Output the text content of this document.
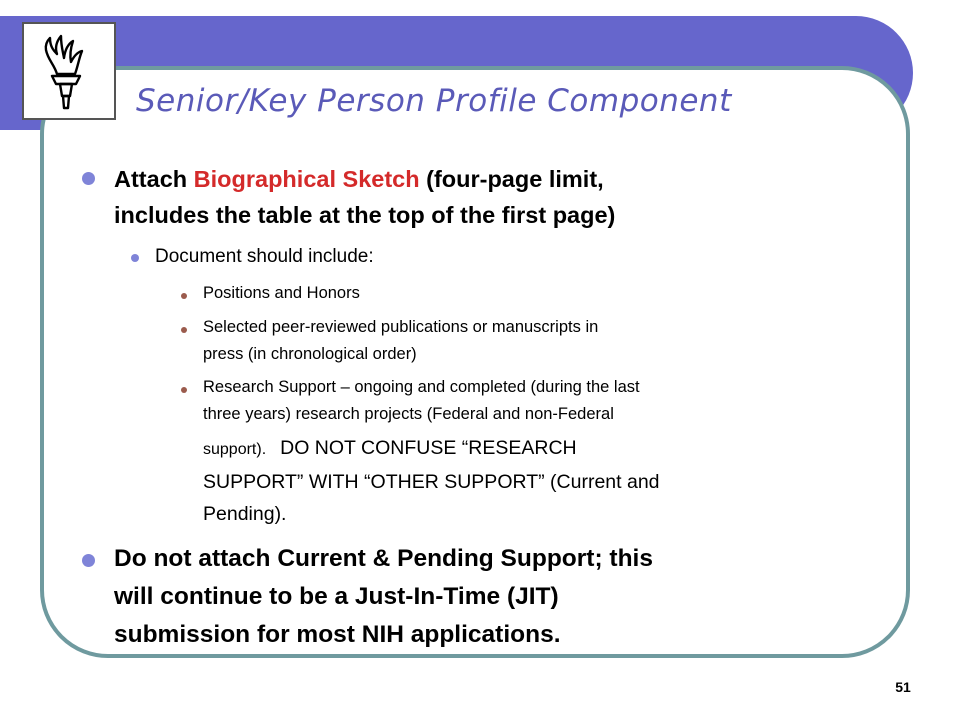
Senior/Key Person Profile Component
Attach Biographical Sketch (four-page limit,
includes the table at the top of the first page)
Document should include:
Positions and Honors
Selected peer-reviewed publications or manuscripts in
press (in chronological order)
Research Support – ongoing and completed (during the last
three years) research projects (Federal and non-Federal
support). DO NOT CONFUSE “RESEARCH
SUPPORT” WITH “OTHER SUPPORT” (Current and
Pending).
Do not attach Current & Pending Support; this
will continue to be a Just-In-Time (JIT)
submission for most NIH applications.
51
